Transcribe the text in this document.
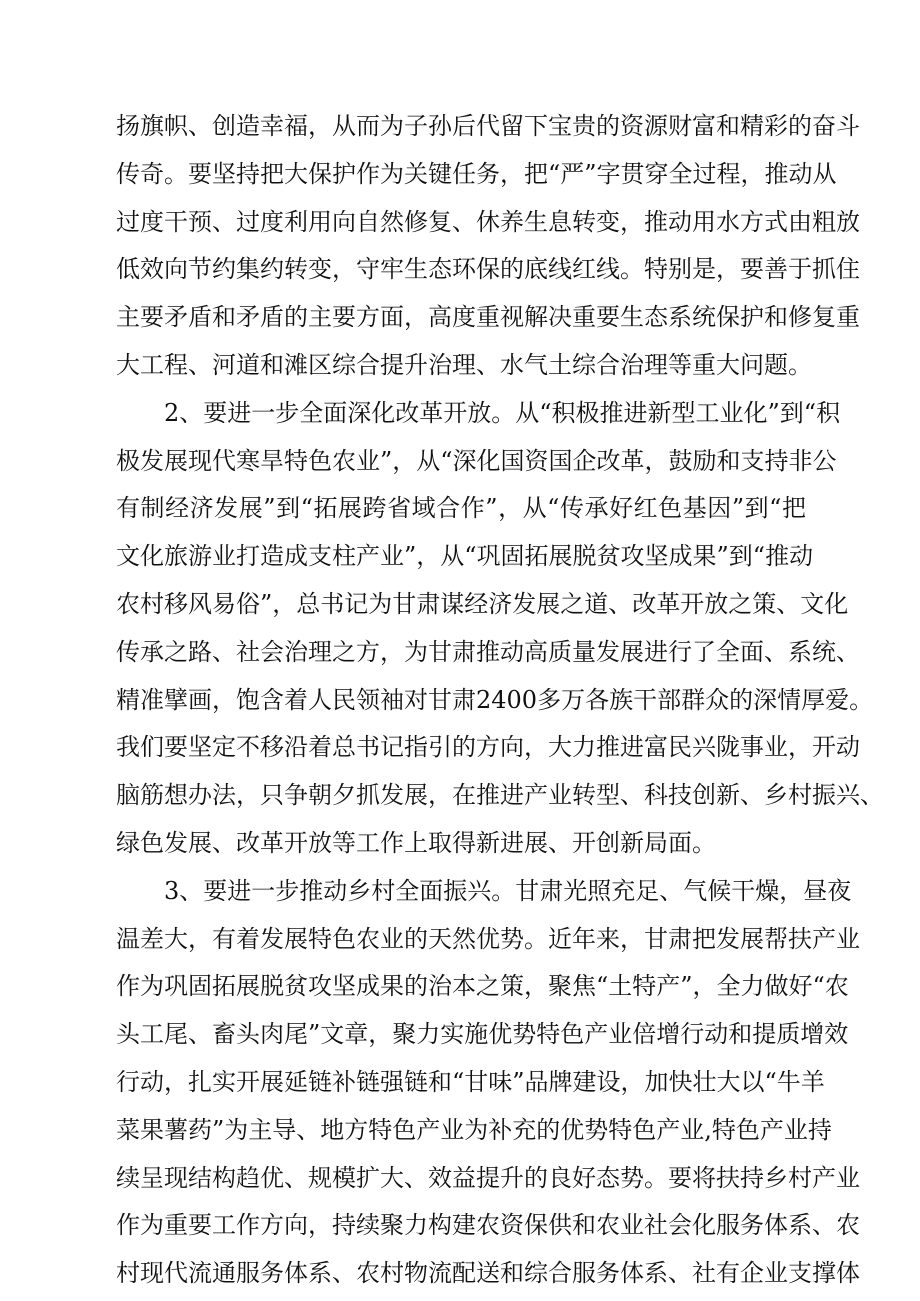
扬旗帜、创造幸福，从而为子孙后代留下宝贵的资源财富和精彩的奋斗
传奇。要坚持把大保护作为关键任务，把“严”字贯穿全过程，推动从
过度干预、过度利用向自然修复、休养生息转变，推动用水方式由粗放
低效向节约集约转变，守牢生态环保的底线红线。特别是，要善于抓住
主要矛盾和矛盾的主要方面，高度重视解决重要生态系统保护和修复重
大工程、河道和滩区综合提升治理、水气土综合治理等重大问题。
2、要进一步全面深化改革开放。从“积极推进新型工业化”到“积
极发展现代寒旱特色农业”，从“深化国资国企改革，鼓励和支持非公
有制经济发展”到“拓展跨省域合作”，从“传承好红色基因”到“把
文化旅游业打造成支柱产业”，从“巩固拓展脱贫攻坚成果”到“推动
农村移风易俗”，总书记为甘肃谋经济发展之道、改革开放之策、文化
传承之路、社会治理之方，为甘肃推动高质量发展进行了全面、系统、
精准擘画，饱含着人民领袖对甘肃2400多万各族干部群众的深情厚爱。
我们要坚定不移沿着总书记指引的方向，大力推进富民兴陇事业，开动
脑筋想办法，只争朝夕抓发展，在推进产业转型、科技创新、乡村振兴、
绿色发展、改革开放等工作上取得新进展、开创新局面。
3、要进一步推动乡村全面振兴。甘肃光照充足、气候干燥，昼夜
温差大，有着发展特色农业的天然优势。近年来，甘肃把发展帮扶产业
作为巩固拓展脱贫攻坚成果的治本之策，聚焦“土特产”，全力做好“农
头工尾、畜头肉尾”文章，聚力实施优势特色产业倍增行动和提质增效
行动，扎实开展延链补链强链和“甘味”品牌建设，加快壮大以“牛羊
菜果薯药”为主导、地方特色产业为补充的优势特色产业,特色产业持
续呈现结构趋优、规模扩大、效益提升的良好态势。要将扶持乡村产业
作为重要工作方向，持续聚力构建农资保供和农业社会化服务体系、农
村现代流通服务体系、农村物流配送和综合服务体系、社有企业支撑体
